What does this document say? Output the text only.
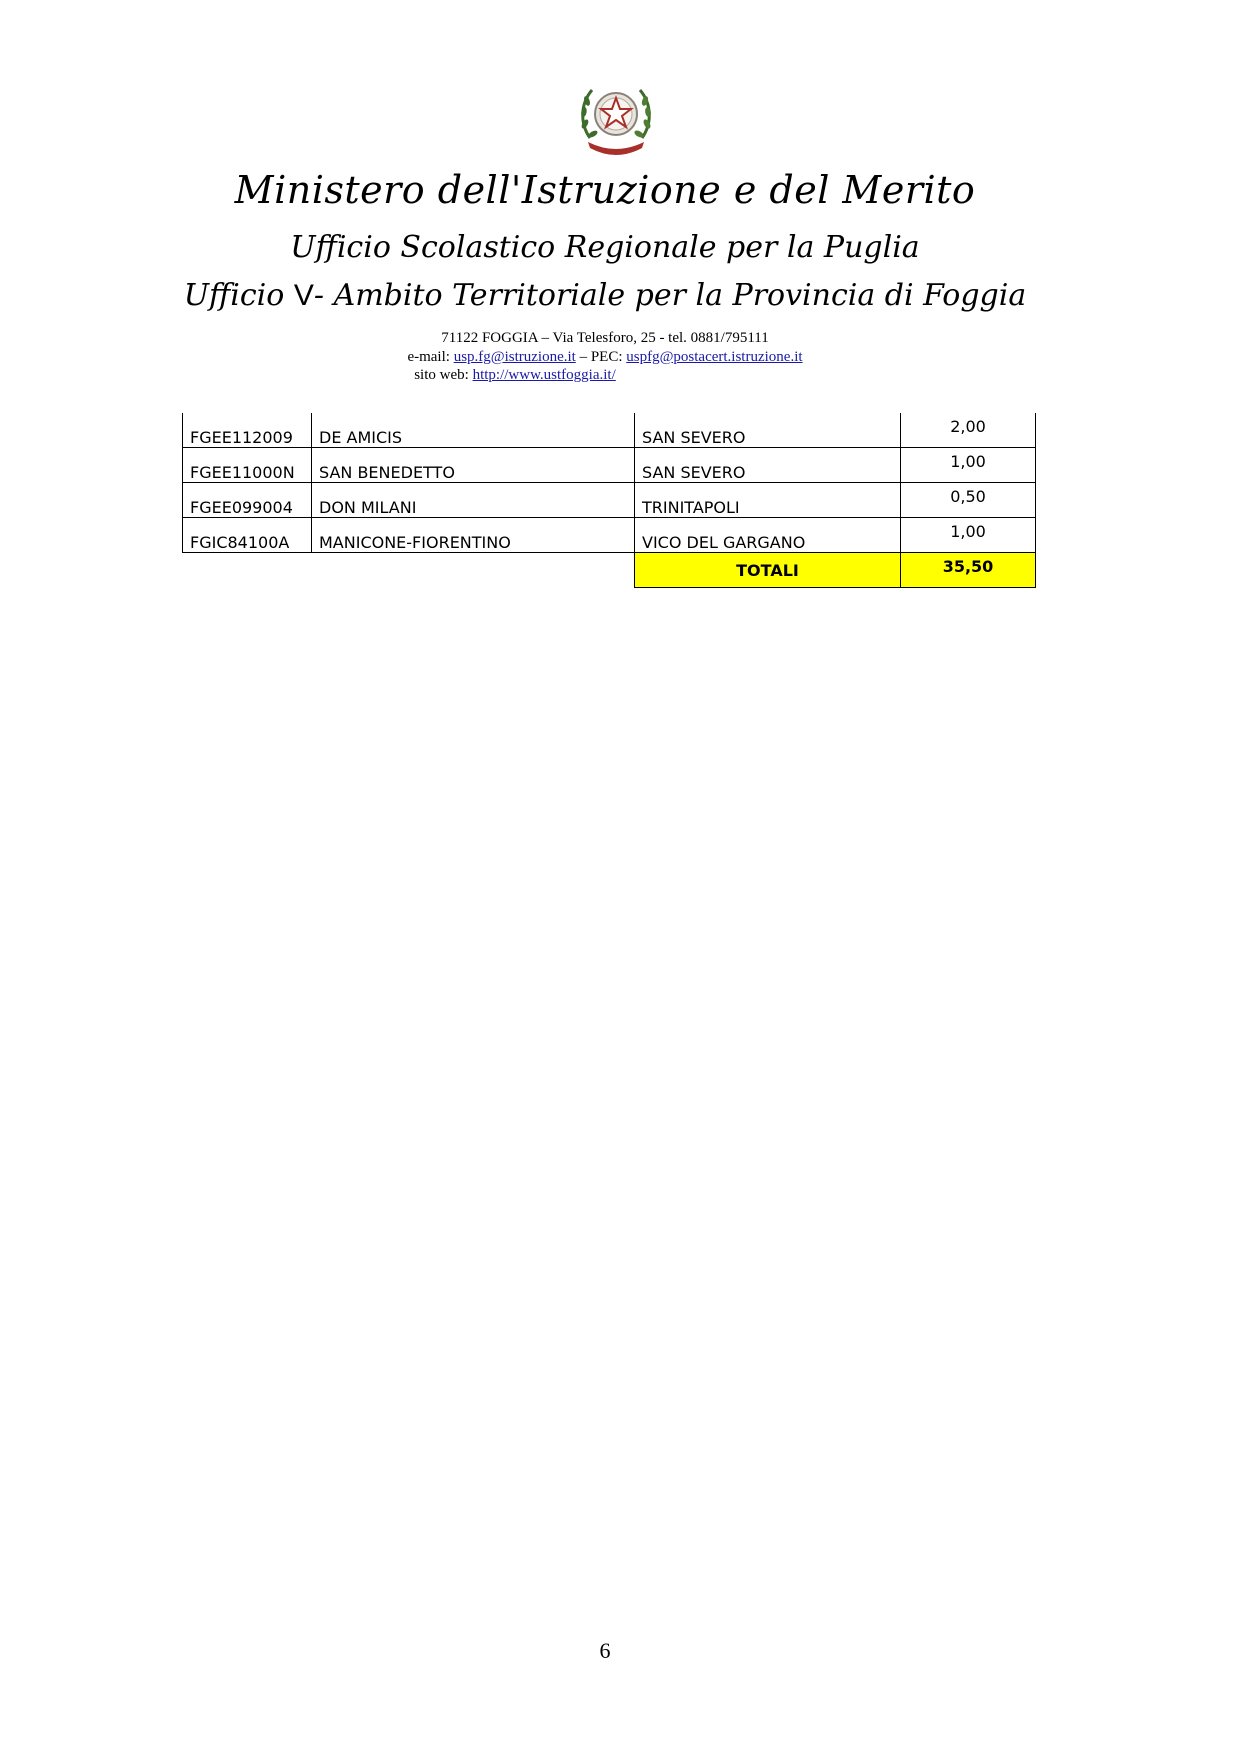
Ministero dell'Istruzione e del Merito
Ufficio Scolastico Regionale per la Puglia
Ufficio V- Ambito Territoriale per la Provincia di Foggia
71122 FOGGIA – Via Telesforo, 25 - tel. 0881/795111
e-mail: usp.fg@istruzione.it – PEC: uspfg@postacert.istruzione.it
sito web: http://www.ustfoggia.it/
FGEE112009	DE AMICIS	SAN SEVERO	2,00
FGEE11000N	SAN BENEDETTO	SAN SEVERO	1,00
FGEE099004	DON MILANI	TRINITAPOLI	0,50
FGIC84100A	MANICONE-FIORENTINO	VICO DEL GARGANO	1,00
		TOTALI	35,50
6
